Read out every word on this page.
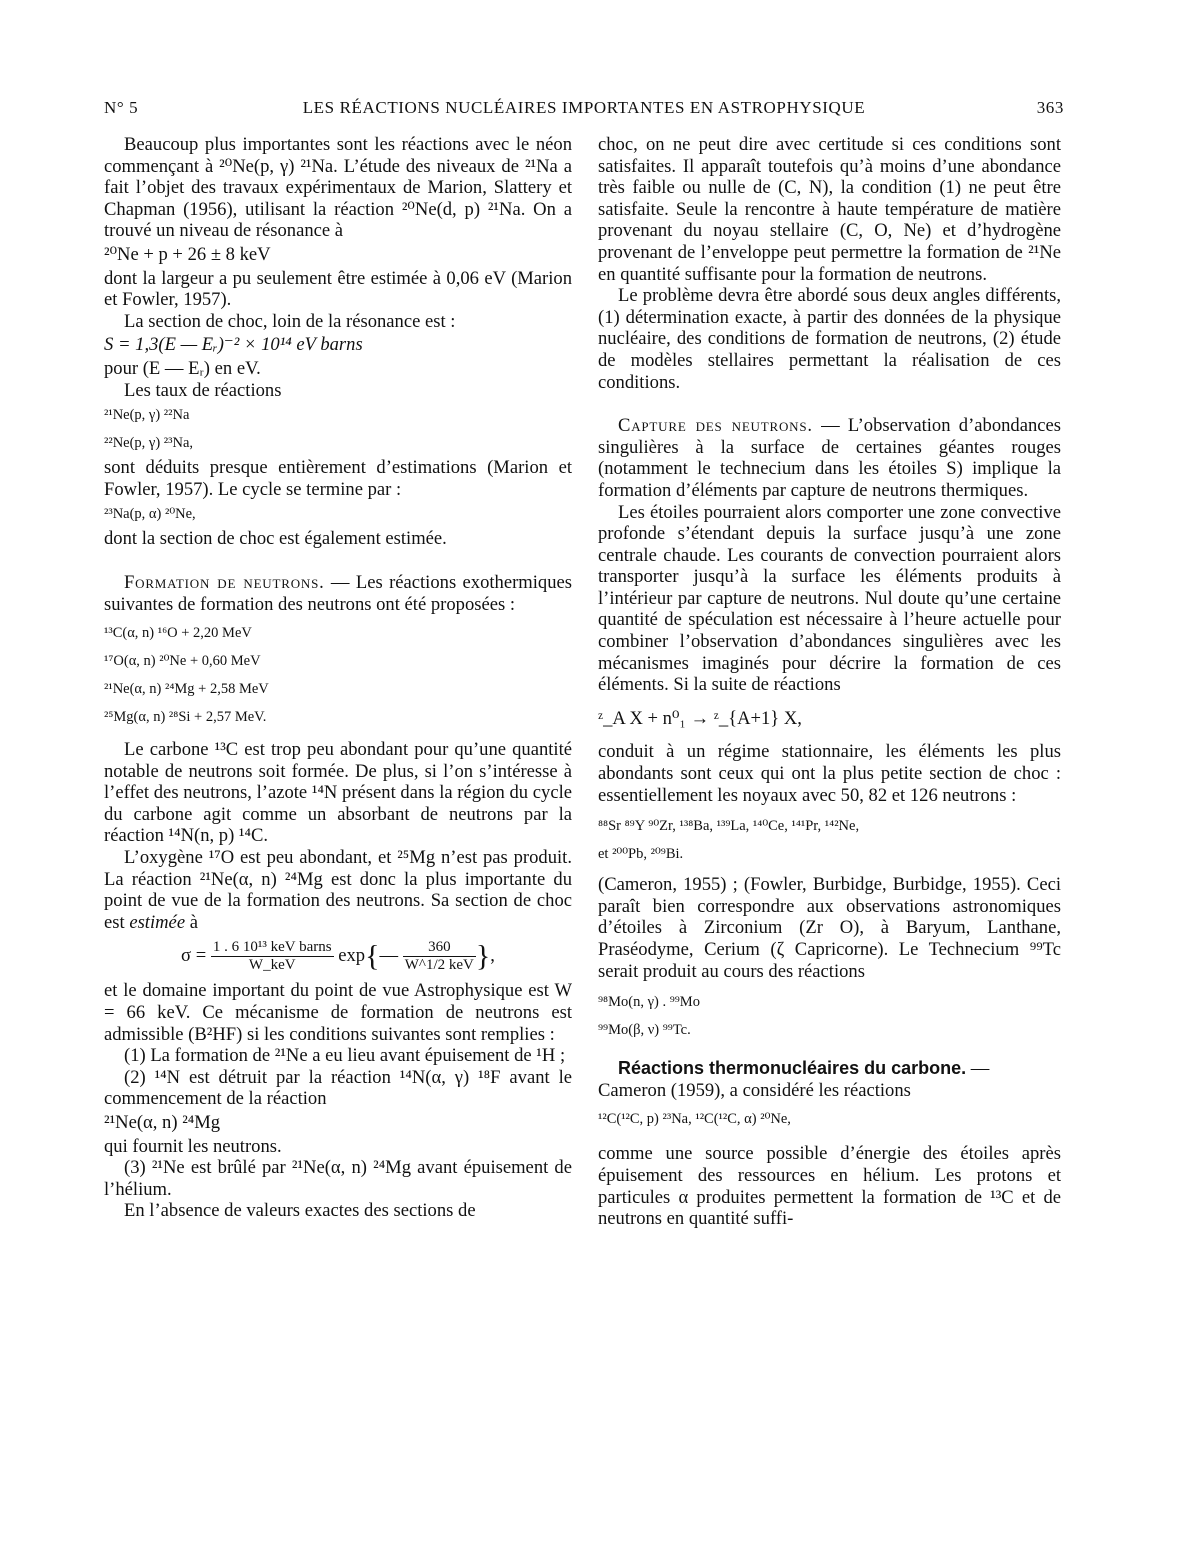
N° 5	LES RÉACTIONS NUCLÉAIRES IMPORTANTES EN ASTROPHYSIQUE	363

Beaucoup plus importantes sont les réactions avec le néon commençant à ²⁰Ne(p, γ) ²¹Na. L’étude des niveaux de ²¹Na a fait l’objet des travaux expérimentaux de Marion, Slattery et Chapman (1956), utilisant la réaction ²⁰Ne(d, p) ²¹Na. On a trouvé un niveau de résonance à

²⁰Ne + p + 26 ± 8 keV

dont la largeur a pu seulement être estimée à 0,06 eV (Marion et Fowler, 1957).

La section de choc, loin de la résonance est :

S = 1,3(E — Eᵣ)⁻² × 10¹⁴ eV barns

pour (E — Eᵣ) en eV.

Les taux de réactions

²¹Ne(p, γ) ²²Na

²²Ne(p, γ) ²³Na,

sont déduits presque entièrement d’estimations (Marion et Fowler, 1957). Le cycle se termine par :

²³Na(p, α) ²⁰Ne,

dont la section de choc est également estimée.

Formation de neutrons. — Les réactions exothermiques suivantes de formation des neutrons ont été proposées :

¹³C(α, n) ¹⁶O + 2,20 MeV

¹⁷O(α, n) ²⁰Ne + 0,60 MeV

²¹Ne(α, n) ²⁴Mg + 2,58 MeV

²⁵Mg(α, n) ²⁸Si + 2,57 MeV.

Le carbone ¹³C est trop peu abondant pour qu’une quantité notable de neutrons soit formée. De plus, si l’on s’intéresse à l’effet des neutrons, l’azote ¹⁴N présent dans la région du cycle du carbone agit comme un absorbant de neutrons par la réaction ¹⁴N(n, p) ¹⁴C.

L’oxygène ¹⁷O est peu abondant, et ²⁵Mg n’est pas produit. La réaction ²¹Ne(α, n) ²⁴Mg est donc la plus importante du point de vue de la formation des neutrons. Sa section de choc est estimée à

$\sigma = \frac{\text{1 . 6 10¹³ keV barns}}{\text{W\_keV}}$ exp{— $\frac{360}{\text{W\textasciicircum{}1/2 keV}}$ },

et le domaine important du point de vue Astrophysique est W = 66 keV. Ce mécanisme de formation de neutrons est admissible (B²HF) si les conditions suivantes sont remplies :

(1) La formation de ²¹Ne a eu lieu avant épuisement de ¹H ;

(2) ¹⁴N est détruit par la réaction ¹⁴N(α, γ) ¹⁸F avant le commencement de la réaction

²¹Ne(α, n) ²⁴Mg

qui fournit les neutrons.

(3) ²¹Ne est brûlé par ²¹Ne(α, n) ²⁴Mg avant épuisement de l’hélium.

En l’absence de valeurs exactes des sections de

choc, on ne peut dire avec certitude si ces conditions sont satisfaites. Il apparaît toutefois qu’à moins d’une abondance très faible ou nulle de (C, N), la condition (1) ne peut être satisfaite. Seule la rencontre à haute température de matière provenant du noyau stellaire (C, O, Ne) et d’hydrogène provenant de l’enveloppe peut permettre la formation de ²¹Ne en quantité suffisante pour la formation de neutrons.

Le problème devra être abordé sous deux angles différents, (1) détermination exacte, à partir des données de la physique nucléaire, des conditions de formation de neutrons, (2) étude de modèles stellaires permettant la réalisation de ces conditions.

Capture des neutrons. — L’observation d’abondances singulières à la surface de certaines géantes rouges (notamment le technecium dans les étoiles S) implique la formation d’éléments par capture de neutrons thermiques.

Les étoiles pourraient alors comporter une zone convective profonde s’étendant depuis la surface jusqu’à une zone centrale chaude. Les courants de convection pourraient alors transporter jusqu’à la surface les éléments produits à l’intérieur par capture de neutrons. Nul doute qu’une certaine quantité de spéculation est nécessaire à l’heure actuelle pour combiner l’observation d’abondances singulières avec les mécanismes imaginés pour décrire la formation de ces éléments. Si la suite de réactions

ᶻ_A X + n⁰₁ → ᶻ_{A+1} X,

conduit à un régime stationnaire, les éléments les plus abondants sont ceux qui ont la plus petite section de choc : essentiellement les noyaux avec 50, 82 et 126 neutrons :

⁸⁸Sr ⁸⁹Y ⁹⁰Zr, ¹³⁸Ba, ¹³⁹La, ¹⁴⁰Ce, ¹⁴¹Pr, ¹⁴²Ne,

et ²⁰⁰Pb, ²⁰⁹Bi.

(Cameron, 1955) ; (Fowler, Burbidge, Burbidge, 1955). Ceci paraît bien correspondre aux observations astronomiques d’étoiles à Zirconium (Zr O), à Baryum, Lanthane, Praséodyme, Cerium (ζ Capricorne). Le Technecium ⁹⁹Tc serait produit au cours des réactions

⁹⁸Mo(n, γ) . ⁹⁹Mo

⁹⁹Mo(β, ν) ⁹⁹Tc.

Réactions thermonucléaires du carbone. —

Cameron (1959), a considéré les réactions

¹²C(¹²C, p) ²³Na, ¹²C(¹²C, α) ²⁰Ne,

comme une source possible d’énergie des étoiles après épuisement des ressources en hélium. Les protons et particules α produites permettent la formation de ¹³C et de neutrons en quantité suffi-
